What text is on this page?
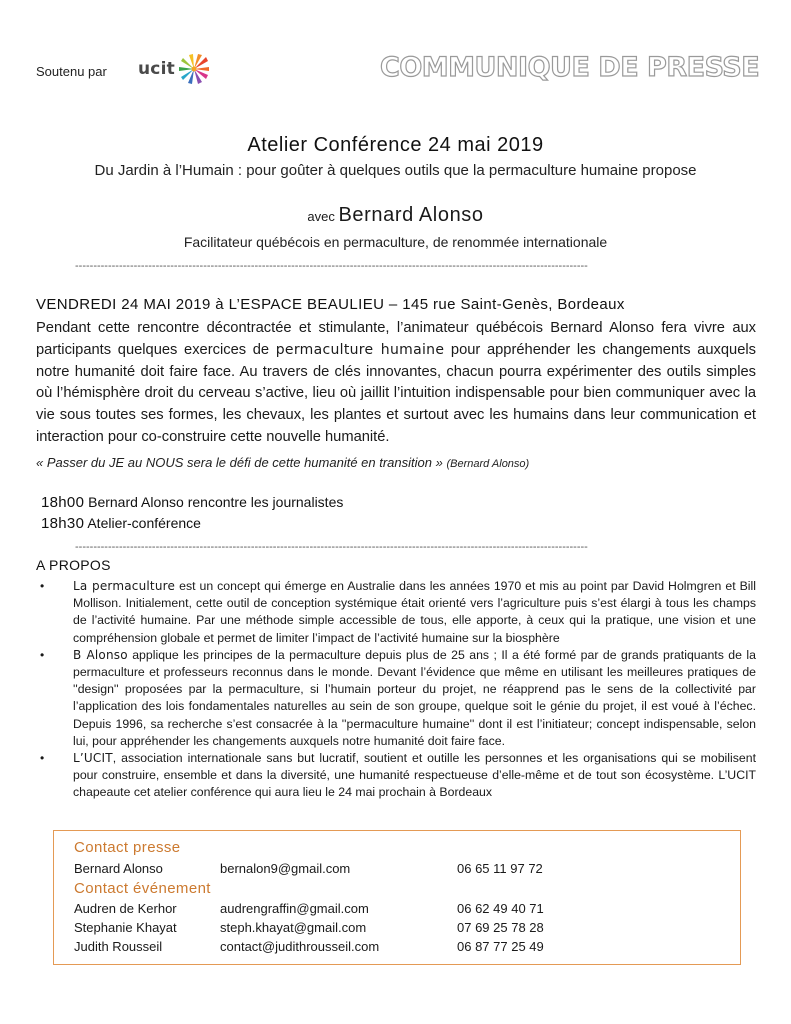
Soutenu par ucit	COMMUNIQUE DE PRESSE
Atelier Conférence 24 mai 2019
Du Jardin à l’Humain : pour goûter à quelques outils que la permaculture humaine propose
avec Bernard Alonso
Facilitateur québécois en permaculture, de renommée internationale
--------------------------------------------------------------------------------------------------------------------------------------------
VENDREDI 24 MAI 2019 à L’ESPACE BEAULIEU – 145 rue Saint-Genès, Bordeaux

Pendant cette rencontre décontractée et stimulante, l’animateur québécois Bernard Alonso fera vivre aux participants quelques exercices de permaculture humaine pour appréhender les changements auxquels notre humanité doit faire face. Au travers de clés innovantes, chacun pourra expérimenter des outils simples où l’hémisphère droit du cerveau s’active, lieu où jaillit l’intuition indispensable pour bien communiquer avec la vie sous toutes ses formes, les chevaux, les plantes et surtout avec les humains dans leur communication et interaction pour co-construire cette nouvelle humanité.

« Passer du JE au NOUS sera le défi de cette humanité en transition » (Bernard Alonso)
18h00 Bernard Alonso rencontre les journalistes
18h30 Atelier-conférence
--------------------------------------------------------------------------------------------------------------------------------------------
A PROPOS
• La permaculture est un concept qui émerge en Australie dans les années 1970 et mis au point par David Holmgren et Bill Mollison. Initialement, cette outil de conception systémique était orienté vers l’agriculture puis s’est élargi à tous les champs de l’activité humaine. Par une méthode simple accessible de tous, elle apporte, à ceux qui la pratique, une vision et une compréhension globale et permet de limiter l’impact de l’activité humaine sur la biosphère
• B Alonso applique les principes de la permaculture depuis plus de 25 ans ; Il a été formé par de grands pratiquants de la permaculture et professeurs reconnus dans le monde. Devant l’évidence que même en utilisant les meilleures pratiques de ''design'' proposées par la permaculture, si l’humain porteur du projet, ne réapprend pas le sens de la collectivité par l’application des lois fondamentales naturelles au sein de son groupe, quelque soit le génie du projet, il est voué à l’échec. Depuis 1996, sa recherche s’est consacrée à la ''permaculture humaine'' dont il est l’initiateur; concept indispensable, selon lui, pour appréhender les changements auxquels notre humanité doit faire face.
• L’UCIT, association internationale sans but lucratif, soutient et outille les personnes et les organisations qui se mobilisent pour construire, ensemble et dans la diversité, une humanité respectueuse d’elle-même et de tout son écosystème. L’UCIT chapeaute cet atelier conférence qui aura lieu le 24 mai prochain à Bordeaux
Contact presse
Bernard Alonso	bernalon9@gmail.com	06 65 11 97 72
Contact événement
Audren de Kerhor	audrengraffin@gmail.com	06 62 49 40 71
Stephanie Khayat	steph.khayat@gmail.com	07 69 25 78 28
Judith Rousseil	contact@judithrousseil.com	06 87 77 25 49
